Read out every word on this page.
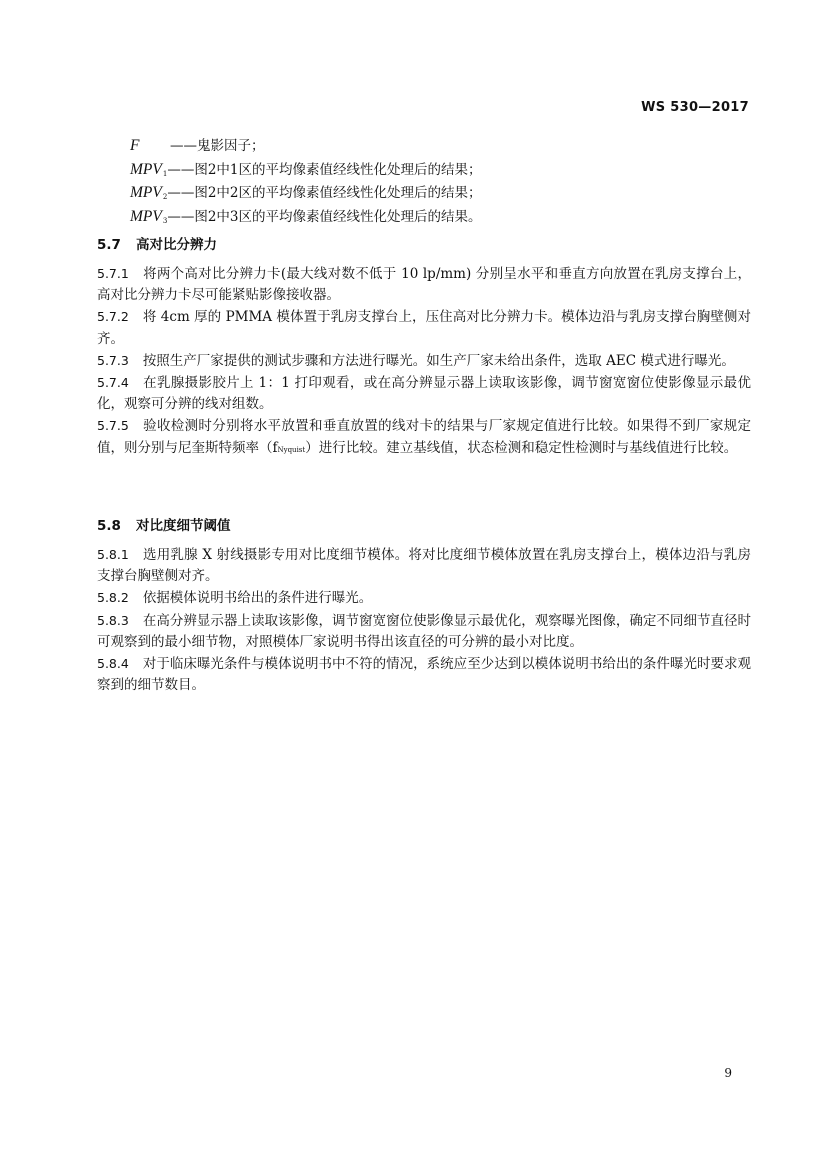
WS 530—2017
F ——鬼影因子；
$MPV_1——$图2中1区的平均像素值经线性化处理后的结果；
$MPV_2——$图2中2区的平均像素值经线性化处理后的结果；
$MPV_3——$图2中3区的平均像素值经线性化处理后的结果。
5.7 高对比分辨力
5.7.1 将两个高对比分辨力卡(最大线对数不低于 10 lp/mm) 分别呈水平和垂直方向放置在乳房支撑台上，高对比分辨力卡尽可能紧贴影像接收器。
5.7.2 将 4cm 厚的 PMMA 模体置于乳房支撑台上，压住高对比分辨力卡。模体边沿与乳房支撑台胸壁侧对齐。
5.7.3 按照生产厂家提供的测试步骤和方法进行曝光。如生产厂家未给出条件，选取 AEC 模式进行曝光。
5.7.4 在乳腺摄影胶片上 1：1 打印观看，或在高分辨显示器上读取该影像，调节窗宽窗位使影像显示最优化，观察可分辨的线对组数。
5.7.5 验收检测时分别将水平放置和垂直放置的线对卡的结果与厂家规定值进行比较。如果得不到厂家规定值，则分别与尼奎斯特频率（fNyquist）进行比较。建立基线值，状态检测和稳定性检测时与基线值进行比较。
5.8 对比度细节阈值
5.8.1 选用乳腺 X 射线摄影专用对比度细节模体。将对比度细节模体放置在乳房支撑台上，模体边沿与乳房支撑台胸壁侧对齐。
5.8.2 依据模体说明书给出的条件进行曝光。
5.8.3 在高分辨显示器上读取该影像，调节窗宽窗位使影像显示最优化，观察曝光图像，确定不同细节直径时可观察到的最小细节物，对照模体厂家说明书得出该直径的可分辨的最小对比度。
5.8.4 对于临床曝光条件与模体说明书中不符的情况，系统应至少达到以模体说明书给出的条件曝光时要求观察到的细节数目。
9
